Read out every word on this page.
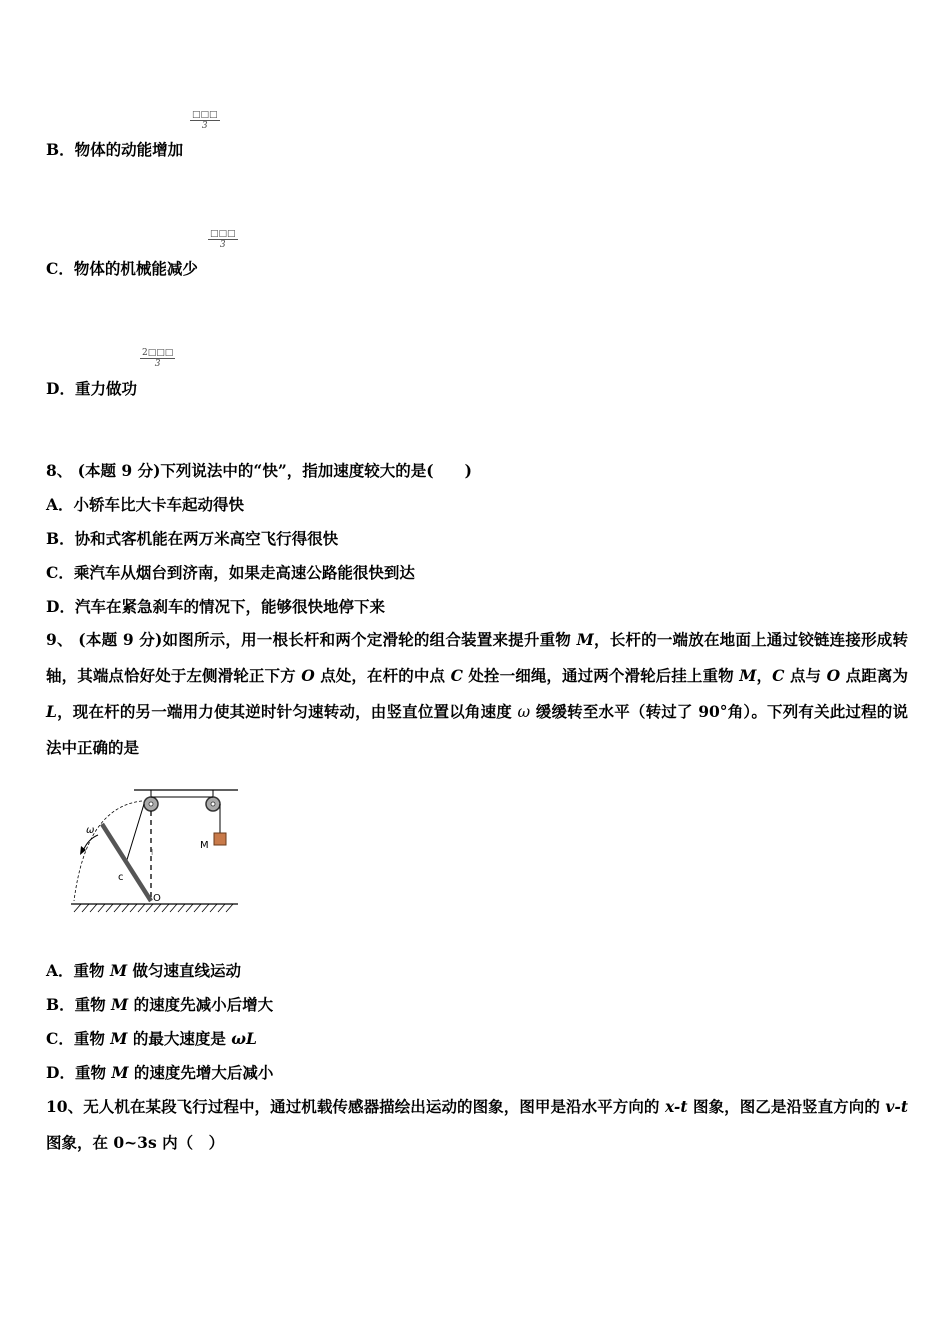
□□□
3
B．物体的动能增加
□□□
3
C．物体的机械能减少
$\frac{2□□□}{3}$
D．重力做功
8、 (本题 9 分)下列说法中的“快”，指加速度较大的是(　　)
A．小轿车比大卡车起动得快
B．协和式客机能在两万米高空飞行得很快
C．乘汽车从烟台到济南，如果走高速公路能很快到达
D．汽车在紧急刹车的情况下，能够很快地停下来
9、 (本题 9 分)如图所示，用一根长杆和两个定滑轮的组合装置来提升重物 M，长杆的一端放在地面上通过铰链连接形成转轴，其端点恰好处于左侧滑轮正下方 O 点处，在杆的中点 C 处拴一细绳，通过两个滑轮后挂上重物 M，C 点与 O 点距离为 L，现在杆的另一端用力使其逆时针匀速转动，由竖直位置以角速度 ω 缓缓转至水平（转过了 90°角）。下列有关此过程的说法中正确的是
M
ω
c
l
O
A．重物 M 做匀速直线运动
B．重物 M 的速度先减小后增大
C．重物 M 的最大速度是 ωL
D．重物 M 的速度先增大后减小
10、无人机在某段飞行过程中，通过机载传感器描绘出运动的图象，图甲是沿水平方向的 x-t 图象，图乙是沿竖直方向的 v-t 图象，在 0~3s 内（　）
